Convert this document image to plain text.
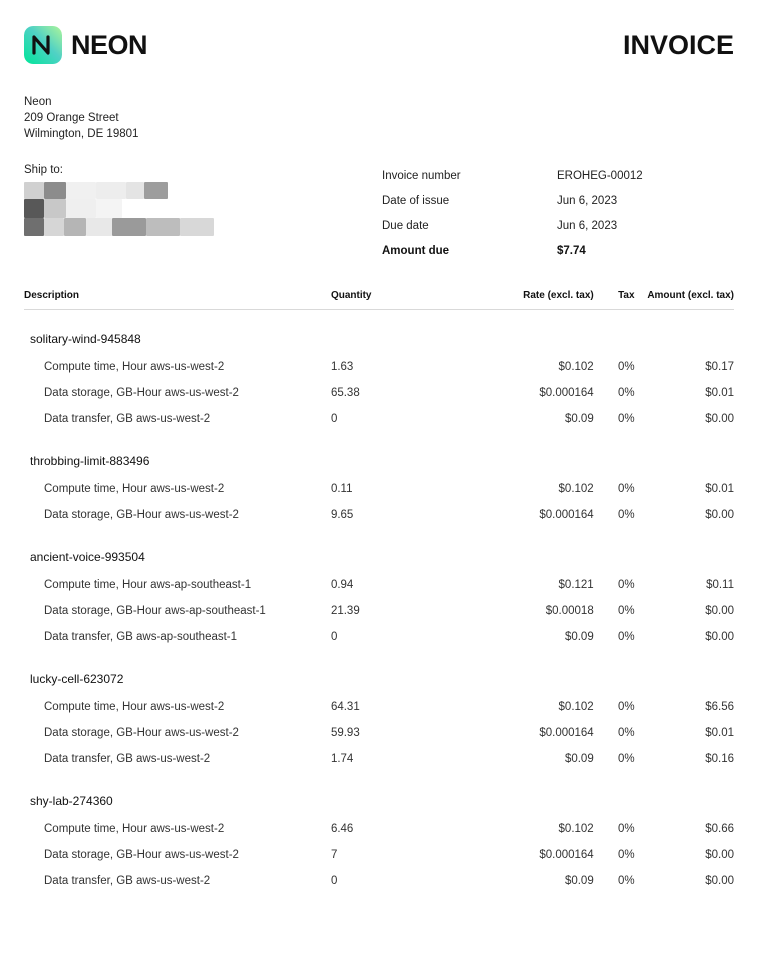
NEON	INVOICE
Neon
209 Orange Street
Wilmington, DE 19801
Ship to:	Invoice number	EROHEG-00012
Date of issue	Jun 6, 2023
Due date	Jun 6, 2023
Amount due	$7.74
Description	Quantity	Rate (excl. tax)	Tax	Amount (excl. tax)
solitary-wind-945848				
Compute time, Hour aws-us-west-2	1.63	$0.102	0%	$0.17
Data storage, GB-Hour aws-us-west-2	65.38	$0.000164	0%	$0.01
Data transfer, GB aws-us-west-2	0	$0.09	0%	$0.00
throbbing-limit-883496				
Compute time, Hour aws-us-west-2	0.11	$0.102	0%	$0.01
Data storage, GB-Hour aws-us-west-2	9.65	$0.000164	0%	$0.00
ancient-voice-993504				
Compute time, Hour aws-ap-southeast-1	0.94	$0.121	0%	$0.11
Data storage, GB-Hour aws-ap-southeast-1	21.39	$0.00018	0%	$0.00
Data transfer, GB aws-ap-southeast-1	0	$0.09	0%	$0.00
lucky-cell-623072				
Compute time, Hour aws-us-west-2	64.31	$0.102	0%	$6.56
Data storage, GB-Hour aws-us-west-2	59.93	$0.000164	0%	$0.01
Data transfer, GB aws-us-west-2	1.74	$0.09	0%	$0.16
shy-lab-274360				
Compute time, Hour aws-us-west-2	6.46	$0.102	0%	$0.66
Data storage, GB-Hour aws-us-west-2	7	$0.000164	0%	$0.00
Data transfer, GB aws-us-west-2	0	$0.09	0%	$0.00
